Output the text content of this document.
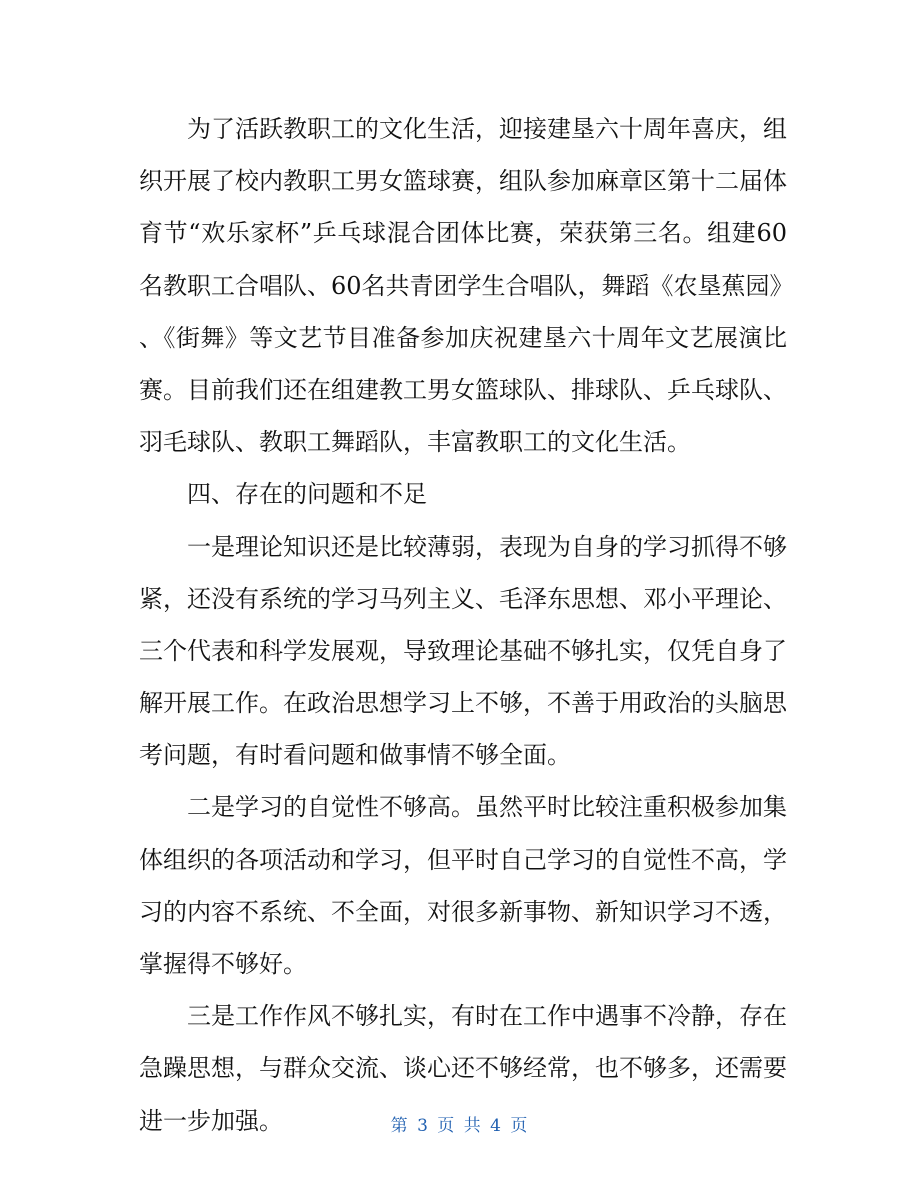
为了活跃教职工的文化生活，迎接建垦六十周年喜庆，组
织开展了校内教职工男女篮球赛，组队参加麻章区第十二届体
育节“欢乐家杯”乒乓球混合团体比赛，荣获第三名。组建60
名教职工合唱队、60名共青团学生合唱队，舞蹈《农垦蕉园》
、《街舞》等文艺节目准备参加庆祝建垦六十周年文艺展演比
赛。目前我们还在组建教工男女篮球队、排球队、乒乓球队、
羽毛球队、教职工舞蹈队，丰富教职工的文化生活。
四、存在的问题和不足
一是理论知识还是比较薄弱，表现为自身的学习抓得不够
紧，还没有系统的学习马列主义、毛泽东思想、邓小平理论、
三个代表和科学发展观，导致理论基础不够扎实，仅凭自身了
解开展工作。在政治思想学习上不够，不善于用政治的头脑思
考问题，有时看问题和做事情不够全面。
二是学习的自觉性不够高。虽然平时比较注重积极参加集
体组织的各项活动和学习，但平时自己学习的自觉性不高，学
习的内容不系统、不全面，对很多新事物、新知识学习不透，
掌握得不够好。
三是工作作风不够扎实，有时在工作中遇事不冷静，存在
急躁思想，与群众交流、谈心还不够经常，也不够多，还需要
进一步加强。	第 3 页 共 4 页
